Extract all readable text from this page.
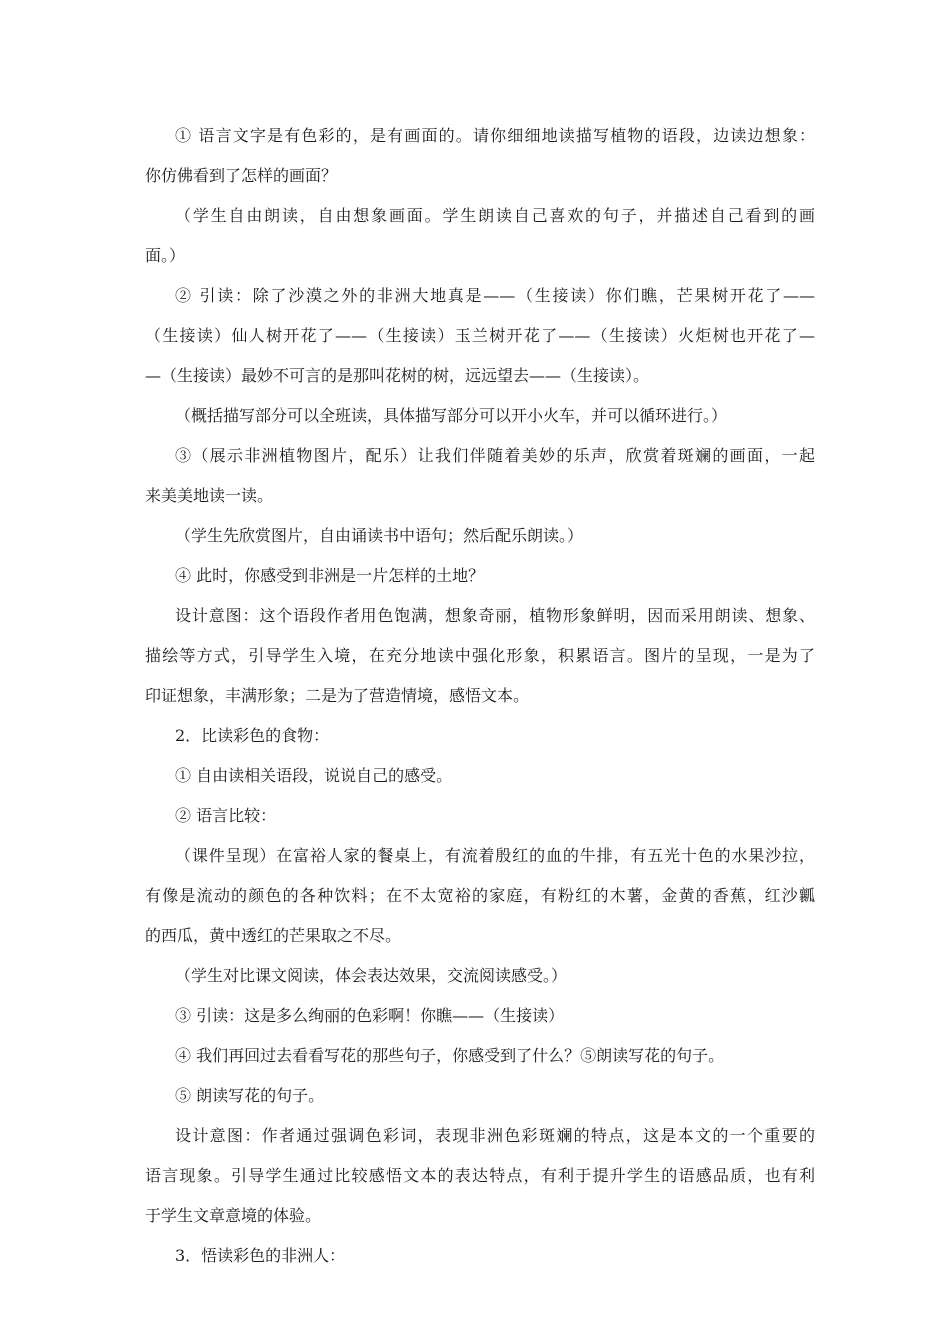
① 语言文字是有色彩的，是有画面的。请你细细地读描写植物的语段，边读边想象：
你仿佛看到了怎样的画面？
（学生自由朗读，自由想象画面。学生朗读自己喜欢的句子，并描述自己看到的画
面。）
② 引读：除了沙漠之外的非洲大地真是——（生接读）你们瞧，芒果树开花了——
（生接读）仙人树开花了——（生接读）玉兰树开花了——（生接读）火炬树也开花了—
—（生接读）最妙不可言的是那叫花树的树，远远望去——（生接读）。
（概括描写部分可以全班读，具体描写部分可以开小火车，并可以循环进行。）
③（展示非洲植物图片，配乐）让我们伴随着美妙的乐声，欣赏着斑斓的画面，一起
来美美地读一读。
（学生先欣赏图片，自由诵读书中语句；然后配乐朗读。）
④ 此时，你感受到非洲是一片怎样的土地？
设计意图：这个语段作者用色饱满，想象奇丽，植物形象鲜明，因而采用朗读、想象、
描绘等方式，引导学生入境，在充分地读中强化形象，积累语言。图片的呈现，一是为了
印证想象，丰满形象；二是为了营造情境，感悟文本。
2．比读彩色的食物：
① 自由读相关语段，说说自己的感受。
② 语言比较：
（课件呈现）在富裕人家的餐桌上，有流着殷红的血的牛排，有五光十色的水果沙拉，
有像是流动的颜色的各种饮料；在不太宽裕的家庭，有粉红的木薯，金黄的香蕉，红沙瓤
的西瓜，黄中透红的芒果取之不尽。
（学生对比课文阅读，体会表达效果，交流阅读感受。）
③ 引读：这是多么绚丽的色彩啊！你瞧——（生接读）
④ 我们再回过去看看写花的那些句子，你感受到了什么？⑤朗读写花的句子。
⑤ 朗读写花的句子。
设计意图：作者通过强调色彩词，表现非洲色彩斑斓的特点，这是本文的一个重要的
语言现象。引导学生通过比较感悟文本的表达特点，有利于提升学生的语感品质，也有利
于学生文章意境的体验。
3．悟读彩色的非洲人：
